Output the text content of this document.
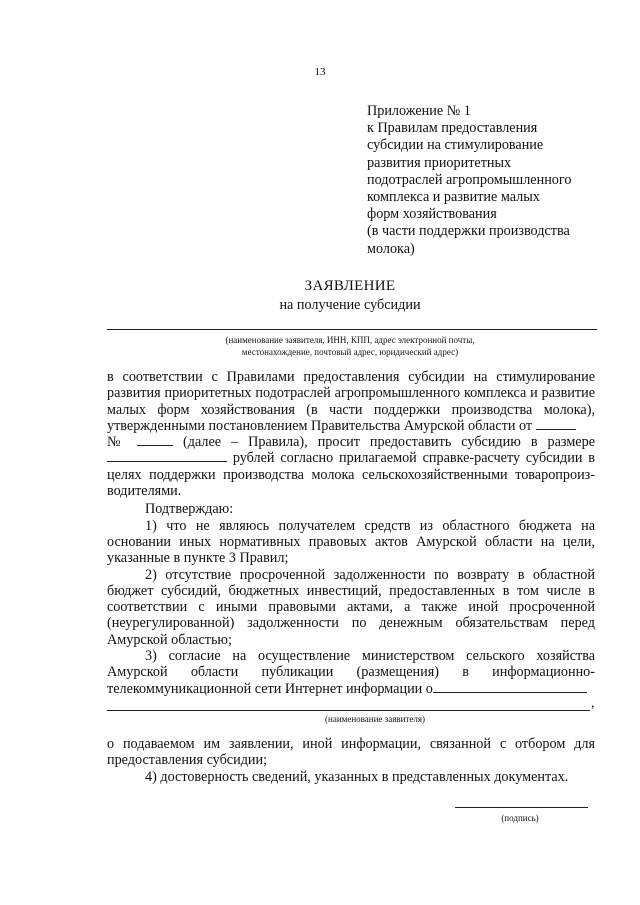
13
Приложение № 1
к Правилам предоставления
субсидии на стимулирование
развития приоритетных
подотраслей агропромышленного
комплекса и развитие малых
форм хозяйствования
(в части поддержки производства
молока)
ЗАЯВЛЕНИЕ
на получение субсидии
(наименование заявителя, ИНН, КПП, адрес электронной почты,
местонахождение, почтовый адрес, юридический адрес)

в соответствии с Правилами предоставления субсидии на стимулирование

развития приоритетных подотраслей агропромышленного комплекса и развитие

малых форм хозяйствования (в части поддержки производства молока),

утвержденными постановлением Правительства Амурской области от

№	(далее – Правила), просит предоставить субсидию в размере

рублей согласно прилагаемой справке-расчету субсидии в

целях поддержки производства молока сельскохозяйственными товаропроиз-

водителями.

Подтверждаю:

1) что не являюсь получателем средств из областного бюджета на

основании иных нормативных правовых актов Амурской области на цели,

указанные в пункте 3 Правил;

2) отсутствие просроченной задолженности по возврату в областной

бюджет субсидий, бюджетных инвестиций, предоставленных в том числе в

соответствии с иными правовыми актами, а также иной просроченной

(неурегулированной) задолженности по денежным обязательствам перед

Амурской областью;

3) согласие на осуществление министерством сельского хозяйства

Амурской области публикации (размещения) в информационно-

телекоммуникационной сети Интернет информации о

,
(наименование заявителя)

о подаваемом им заявлении, иной информации, связанной с отбором для

предоставления субсидии;

4) достоверность сведений, указанных в представленных документах.

(подпись)
